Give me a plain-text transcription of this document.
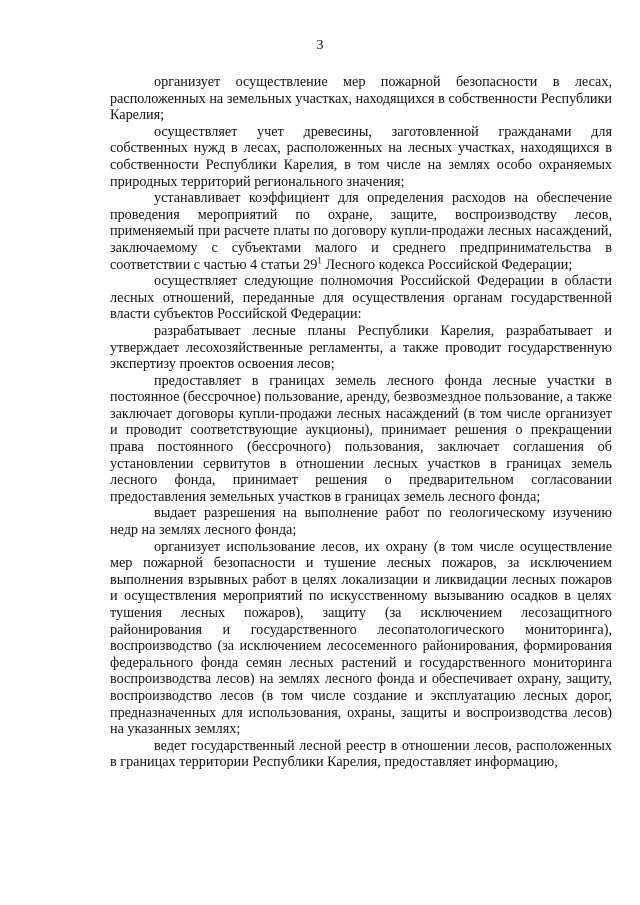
3

организует осуществление мер пожарной безопасности в лесах, расположенных на земельных участках, находящихся в собственности Республики Карелия;

осуществляет учет древесины, заготовленной гражданами для собственных нужд в лесах, расположенных на лесных участках, находящихся в собственности Республики Карелия, в том числе на землях особо охраняемых природных территорий регионального значения;

устанавливает коэффициент для определения расходов на обеспечение проведения мероприятий по охране, защите, воспроизводству лесов, применяемый при расчете платы по договору купли-продажи лесных насаждений, заключаемому с субъектами малого и среднего предпринимательства в соответствии с частью 4 статьи $29^1$ Лесного кодекса Российской Федерации;

осуществляет следующие полномочия Российской Федерации в области лесных отношений, переданные для осуществления органам государственной власти субъектов Российской Федерации:

разрабатывает лесные планы Республики Карелия, разрабатывает и утверждает лесохозяйственные регламенты, а также проводит государственную экспертизу проектов освоения лесов;

предоставляет в границах земель лесного фонда лесные участки в постоянное (бессрочное) пользование, аренду, безвозмездное пользование, а также заключает договоры купли-продажи лесных насаждений (в том числе организует и проводит соответствующие аукционы), принимает решения о прекращении права постоянного (бессрочного) пользования, заключает соглашения об установлении сервитутов в отношении лесных участков в границах земель лесного фонда, принимает решения о предварительном согласовании предоставления земельных участков в границах земель лесного фонда;

выдает разрешения на выполнение работ по геологическому изучению недр на землях лесного фонда;

организует использование лесов, их охрану (в том числе осуществление мер пожарной безопасности и тушение лесных пожаров, за исключением выполнения взрывных работ в целях локализации и ликвидации лесных пожаров и осуществления мероприятий по искусственному вызыванию осадков в целях тушения лесных пожаров), защиту (за исключением лесозащитного районирования и государственного лесопатологического мониторинга), воспроизводство (за исключением лесосеменного районирования, формирования федерального фонда семян лесных растений и государственного мониторинга воспроизводства лесов) на землях лесного фонда и обеспечивает охрану, защиту, воспроизводство лесов (в том числе создание и эксплуатацию лесных дорог, предназначенных для использования, охраны, защиты и воспроизводства лесов) на указанных землях;

ведет государственный лесной реестр в отношении лесов, расположенных в границах территории Республики Карелия, предоставляет информацию,
